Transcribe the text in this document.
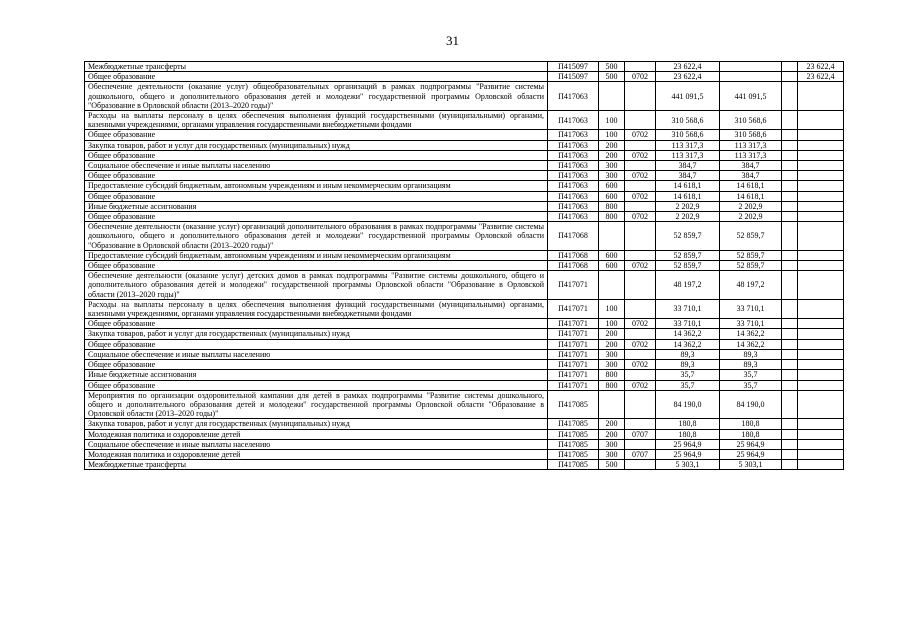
31
Межбюджетные трансферты	П415097	500		23 622,4			23 622,4
Общее образование	П415097	500	0702	23 622,4			23 622,4
Обеспечение деятельности (оказание услуг) общеобразовательных организаций в рамках подпрограммы "Развитие системы дошкольного, общего и дополнительного образования детей и молодежи" государственной программы Орловской области "Образование в Орловской области (2013–2020 годы)"	П417063			441 091,5	441 091,5		
Расходы на выплаты персоналу в целях обеспечения выполнения функций государственными (муниципальными) органами, казенными учреждениями, органами управления государственными внебюджетными фондами	П417063	100		310 568,6	310 568,6		
Общее образование	П417063	100	0702	310 568,6	310 568,6		
Закупка товаров, работ и услуг для государственных (муниципальных) нужд	П417063	200		113 317,3	113 317,3		
Общее образование	П417063	200	0702	113 317,3	113 317,3		
Социальное обеспечение и иные выплаты населению	П417063	300		384,7	384,7		
Общее образование	П417063	300	0702	384,7	384,7		
Предоставление субсидий бюджетным, автономным учреждениям и иным некоммерческим организациям	П417063	600		14 618,1	14 618,1		
Общее образование	П417063	600	0702	14 618,1	14 618,1		
Иные бюджетные ассигнования	П417063	800		2 202,9	2 202,9		
Общее образование	П417063	800	0702	2 202,9	2 202,9		
Обеспечение деятельности (оказание услуг) организаций дополнительного образования в рамках подпрограммы "Развитие системы дошкольного, общего и дополнительного образования детей и молодежи" государственной программы Орловской области "Образование в Орловской области (2013–2020 годы)"	П417068			52 859,7	52 859,7		
Предоставление субсидий бюджетным, автономным учреждениям и иным некоммерческим организациям	П417068	600		52 859,7	52 859,7		
Общее образование	П417068	600	0702	52 859,7	52 859,7		
Обеспечение деятельности (оказание услуг) детских домов в рамках подпрограммы "Развитие системы дошкольного, общего и дополнительного образования детей и молодежи" государственной программы Орловской области "Образование в Орловской области (2013–2020 годы)"	П417071			48 197,2	48 197,2		
Расходы на выплаты персоналу в целях обеспечения выполнения функций государственными (муниципальными) органами, казенными учреждениями, органами управления государственными внебюджетными фондами	П417071	100		33 710,1	33 710,1		
Общее образование	П417071	100	0702	33 710,1	33 710,1		
Закупка товаров, работ и услуг для государственных (муниципальных) нужд	П417071	200		14 362,2	14 362,2		
Общее образование	П417071	200	0702	14 362,2	14 362,2		
Социальное обеспечение и иные выплаты населению	П417071	300		89,3	89,3		
Общее образование	П417071	300	0702	89,3	89,3		
Иные бюджетные ассигнования	П417071	800		35,7	35,7		
Общее образование	П417071	800	0702	35,7	35,7		
Мероприятия по организации оздоровительной кампании для детей в рамках подпрограммы "Развитие системы дошкольного, общего и дополнительного образования детей и молодежи" государственной программы Орловской области "Образование в Орловской области (2013–2020 годы)"	П417085			84 190,0	84 190,0		
Закупка товаров, работ и услуг для государственных (муниципальных) нужд	П417085	200		180,8	180,8		
Молодежная политика и оздоровление детей	П417085	200	0707	180,8	180,8		
Социальное обеспечение и иные выплаты населению	П417085	300		25 964,9	25 964,9		
Молодежная политика и оздоровление детей	П417085	300	0707	25 964,9	25 964,9		
Межбюджетные трансферты	П417085	500		5 303,1	5 303,1		
